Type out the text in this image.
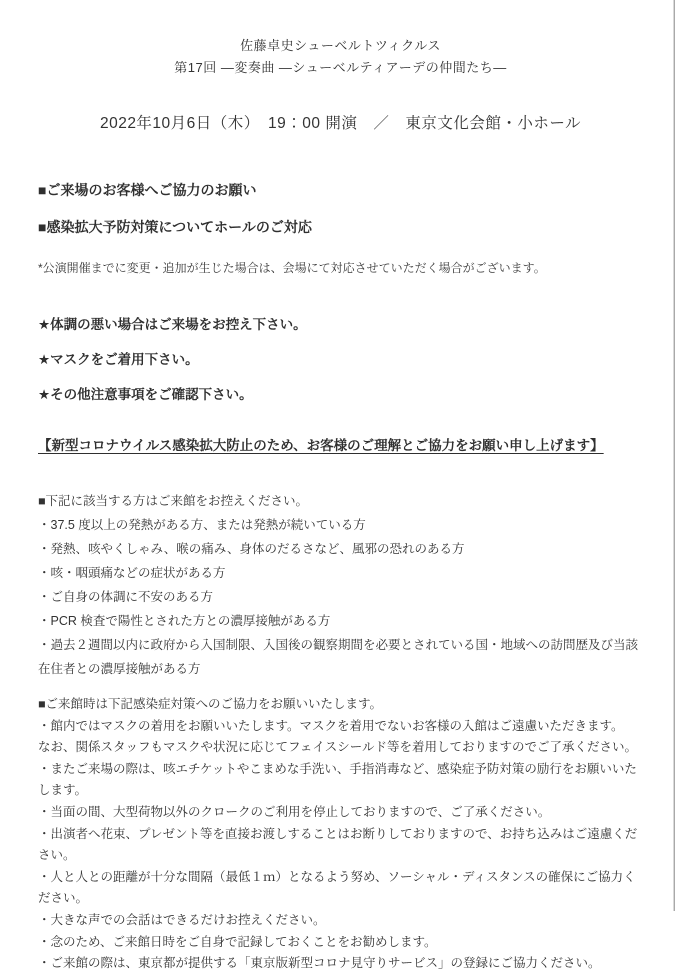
佐藤卓史シューベルトツィクルス
第17回 ―変奏曲 ―シューベルティアーデの仲間たち―
2022年10月6日（木）　19：00 開演　／　東京文化会館・小ホール
■ご来場のお客様へご協力のお願い
■感染拡大予防対策についてホールのご対応
*公演開催までに変更・追加が生じた場合は、会場にて対応させていただく場合がございます。
★体調の悪い場合はご来場をお控え下さい。
★マスクをご着用下さい。
★その他注意事項をご確認下さい。
【新型コロナウイルス感染拡大防止のため、お客様のご理解とご協力をお願い申し上げます】
■下記に該当する方はご来館をお控えください。
・37.5 度以上の発熱がある方、または発熱が続いている方
・発熱、咳やくしゃみ、喉の痛み、身体のだるさなど、風邪の恐れのある方
・咳・咽頭痛などの症状がある方
・ご自身の体調に不安のある方
・PCR 検査で陽性とされた方との濃厚接触がある方
・過去２週間以内に政府から入国制限、入国後の観察期間を必要とされている国・地域への訪問歴及び当該在住者との濃厚接触がある方
■ご来館時は下記感染症対策へのご協力をお願いいたします。
・館内ではマスクの着用をお願いいたします。マスクを着用でないお客様の入館はご遠慮いただきます。
なお、関係スタッフもマスクや状況に応じてフェイスシールド等を着用しておりますのでご了承ください。
・またご来場の際は、咳エチケットやこまめな手洗い、手指消毒など、感染症予防対策の励行をお願いいたします。
・当面の間、大型荷物以外のクロークのご利用を停止しておりますので、ご了承ください。
・出演者へ花束、プレゼント等を直接お渡しすることはお断りしておりますので、お持ち込みはご遠慮ください。
・人と人との距離が十分な間隔（最低１ｍ）となるよう努め、ソーシャル・ディスタンスの確保にご協力ください。
・大きな声での会話はできるだけお控えください。
・念のため、ご来館日時をご自身で記録しておくことをお勧めします。
・ご来館の際は、東京都が提供する「東京版新型コロナ見守りサービス」の登録にご協力ください。
